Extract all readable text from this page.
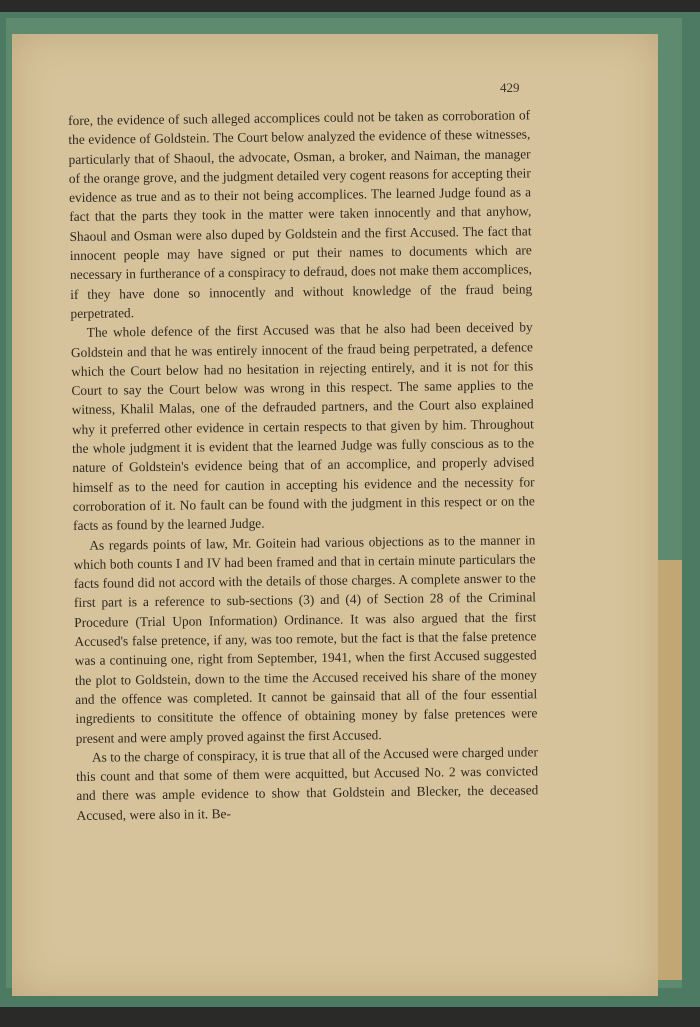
429

fore, the evidence of such alleged accomplices could not be taken as corroboration of the evidence of Goldstein. The Court below analyzed the evidence of these witnesses, particularly that of Shaoul, the advocate, Osman, a broker, and Naiman, the manager of the orange grove, and the judgment detailed very cogent reasons for accepting their evidence as true and as to their not being accomplices. The learned Judge found as a fact that the parts they took in the matter were taken innocently and that anyhow, Shaoul and Osman were also duped by Goldstein and the first Accused. The fact that innocent people may have signed or put their names to documents which are necessary in furtherance of a conspiracy to defraud, does not make them accomplices, if they have done so innocently and without knowledge of the fraud being perpetrated.

The whole defence of the first Accused was that he also had been deceived by Goldstein and that he was entirely innocent of the fraud being perpetrated, a defence which the Court below had no hesitation in rejecting entirely, and it is not for this Court to say the Court below was wrong in this respect. The same applies to the witness, Khalil Malas, one of the defrauded partners, and the Court also explained why it preferred other evidence in certain respects to that given by him. Throughout the whole judgment it is evident that the learned Judge was fully conscious as to the nature of Goldstein's evidence being that of an accomplice, and properly advised himself as to the need for caution in accepting his evidence and the necessity for corroboration of it. No fault can be found with the judgment in this respect or on the facts as found by the learned Judge.

As regards points of law, Mr. Goitein had various objections as to the manner in which both counts I and IV had been framed and that in certain minute particulars the facts found did not accord with the details of those charges. A complete answer to the first part is a reference to sub-sections (3) and (4) of Section 28 of the Criminal Procedure (Trial Upon Information) Ordinance. It was also argued that the first Accused's false pretence, if any, was too remote, but the fact is that the false pretence was a continuing one, right from September, 1941, when the first Accused suggested the plot to Goldstein, down to the time the Accused received his share of the money and the offence was completed. It cannot be gainsaid that all of the four essential ingredients to consititute the offence of obtaining money by false pretences were present and were amply proved against the first Accused.

As to the charge of conspiracy, it is true that all of the Accused were charged under this count and that some of them were acquitted, but Accused No. 2 was convicted and there was ample evidence to show that Goldstein and Blecker, the deceased Accused, were also in it. Be-
